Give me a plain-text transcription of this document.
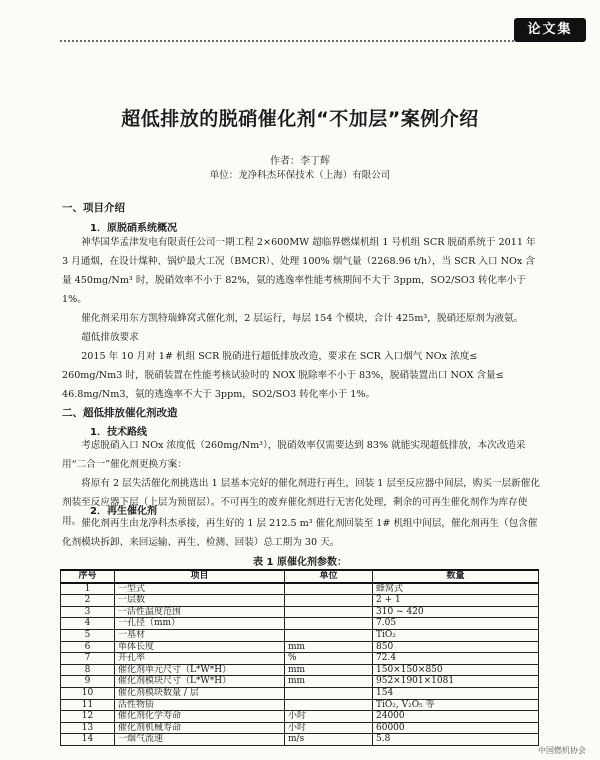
论文集
超低排放的脱硝催化剂“不加层”案例介绍
作者：李丁辉
单位：龙净科杰环保技术（上海）有限公司
一、项目介绍
1．原脱硝系统概况

神华国华孟津发电有限责任公司一期工程 2×600MW 超临界燃煤机组 1 号机组 SCR 脱硝系统于 2011 年 3 月通烟，在设计煤种、锅炉最大工况（BMCR）、处理 100% 烟气量（2268.96 t/h），当 SCR 入口 NOx 含量 450mg/Nm³ 时，脱硝效率不小于 82%，氨的逃逸率性能考核期间不大于 3ppm，SO2/SO3 转化率小于 1%。

催化剂采用东方凯特瑞蜂窝式催化剂，2 层运行，每层 154 个模块，合计 425m³，脱硝还原剂为液氨。

超低排放要求

2015 年 10 月对 1# 机组 SCR 脱硝进行超低排放改造，要求在 SCR 入口烟气 NOx 浓度≤ 260mg/Nm3 时，脱硝装置在性能考核试验时的 NOX 脱除率不小于 83%，脱硝装置出口 NOX 含量≤ 46.8mg/Nm3，氨的逃逸率不大于 3ppm，SO2/SO3 转化率小于 1%。

二、超低排放催化剂改造
1．技术路线

考虑脱硝入口 NOx 浓度低（260mg/Nm³），脱硝效率仅需要达到 83% 就能实现超低排放，本次改造采用“二合一”催化剂更换方案：

将原有 2 层失活催化剂挑选出 1 层基本完好的催化剂进行再生，回装 1 层至反应器中间层，购买一层新催化剂装至反应器下层（上层为预留层）。不可再生的废弃催化剂进行无害化处理，剩余的可再生催化剂作为库存使用。

2．再生催化剂

催化剂再生由龙净科杰承接，再生好的 1 层 212.5 m³ 催化剂回装至 1# 机组中间层，催化剂再生（包含催化剂模块拆卸、来回运输、再生、检测、回装）总工期为 30 天。

表 1 原催化剂参数：
序号	项目	单位	数量
1	一型式		蜂窝式
2	一层数		2 + 1
3	一活性温度范围		310 ~ 420
4	一孔径（mm）		7.05
5	一基材		TiO₂
6	单体长度	mm	850
7	开孔率	%	72.4
8	催化剂单元尺寸（L*W*H）	mm	150×150×850
9	催化剂模块尺寸（L*W*H）	mm	952×1901×1081
10	催化剂模块数量 / 层		154
11	活性物质		TiO₂, V₂O₅ 等
12	催化剂化学寿命	小时	24000
13	催化剂机械寿命	小时	60000
14	一烟气流速	m/s	5.8
中国燃机协会
